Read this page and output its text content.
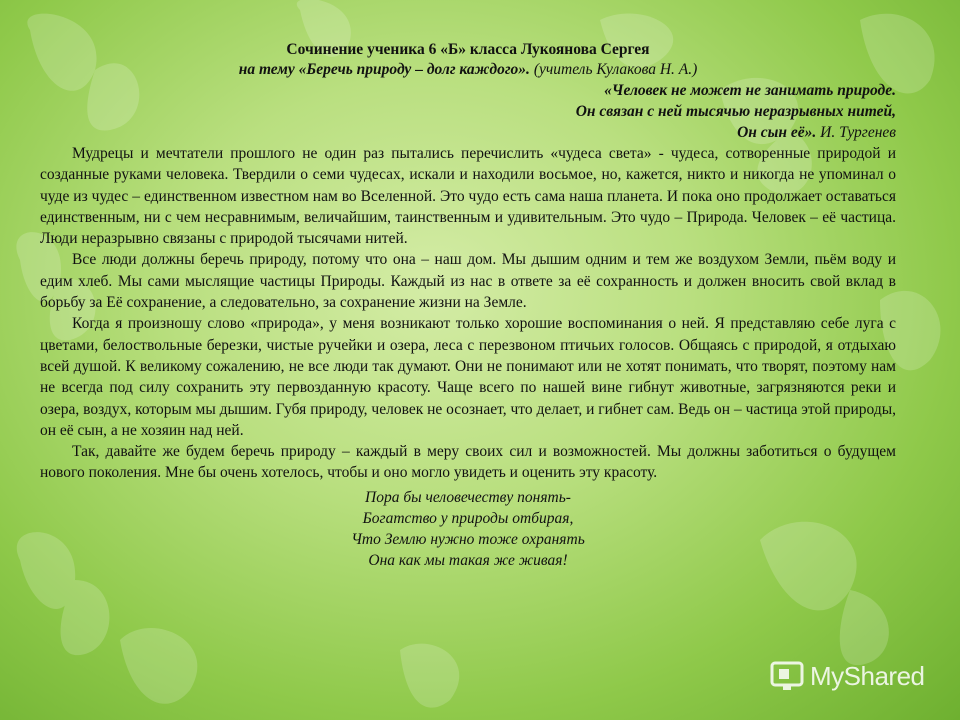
Сочинение ученика 6 «Б» класса Лукоянова Сергея
на тему «Беречь природу – долг каждого». (учитель Кулакова Н. А.)
«Человек не может не занимать природе.
Он связан с ней тысячью неразрывных нитей,
Он сын её». И. Тургенев

Мудрецы и мечтатели прошлого не один раз пытались перечислить «чудеса света» - чудеса, сотворенные природой и созданные руками человека. Твердили о семи чудесах, искали и находили восьмое, но, кажется, никто и никогда не упоминал о чуде из чудес – единственном известном нам во Вселенной. Это чудо есть сама наша планета. И пока оно продолжает оставаться единственным, ни с чем несравнимым, величайшим, таинственным и удивительным. Это чудо – Природа. Человек – её частица. Люди неразрывно связаны с природой тысячами нитей.

Все люди должны беречь природу, потому что она – наш дом. Мы дышим одним и тем же воздухом Земли, пьём воду и едим хлеб. Мы сами мыслящие частицы Природы. Каждый из нас в ответе за её сохранность и должен вносить свой вклад в борьбу за Её сохранение, а следовательно, за сохранение жизни на Земле.

Когда я произношу слово «природа», у меня возникают только хорошие воспоминания о ней. Я представляю себе луга с цветами, белоствольные березки, чистые ручейки и озера, леса с перезвоном птичьих голосов. Общаясь с природой, я отдыхаю всей душой. К великому сожалению, не все люди так думают. Они не понимают или не хотят понимать, что творят, поэтому нам не всегда под силу сохранить эту первозданную красоту. Чаще всего по нашей вине гибнут животные, загрязняются реки и озера, воздух, которым мы дышим. Губя природу, человек не осознает, что делает, и гибнет сам. Ведь он – частица этой природы, он её сын, а не хозяин над ней.

Так, давайте же будем беречь природу – каждый в меру своих сил и возможностей. Мы должны заботиться о будущем нового поколения. Мне бы очень хотелось, чтобы и оно могло увидеть и оценить эту красоту.

Пора бы человечеству понять-
Богатство у природы отбирая,
Что Землю нужно тоже охранять
Она как мы такая же живая!
MyShared
